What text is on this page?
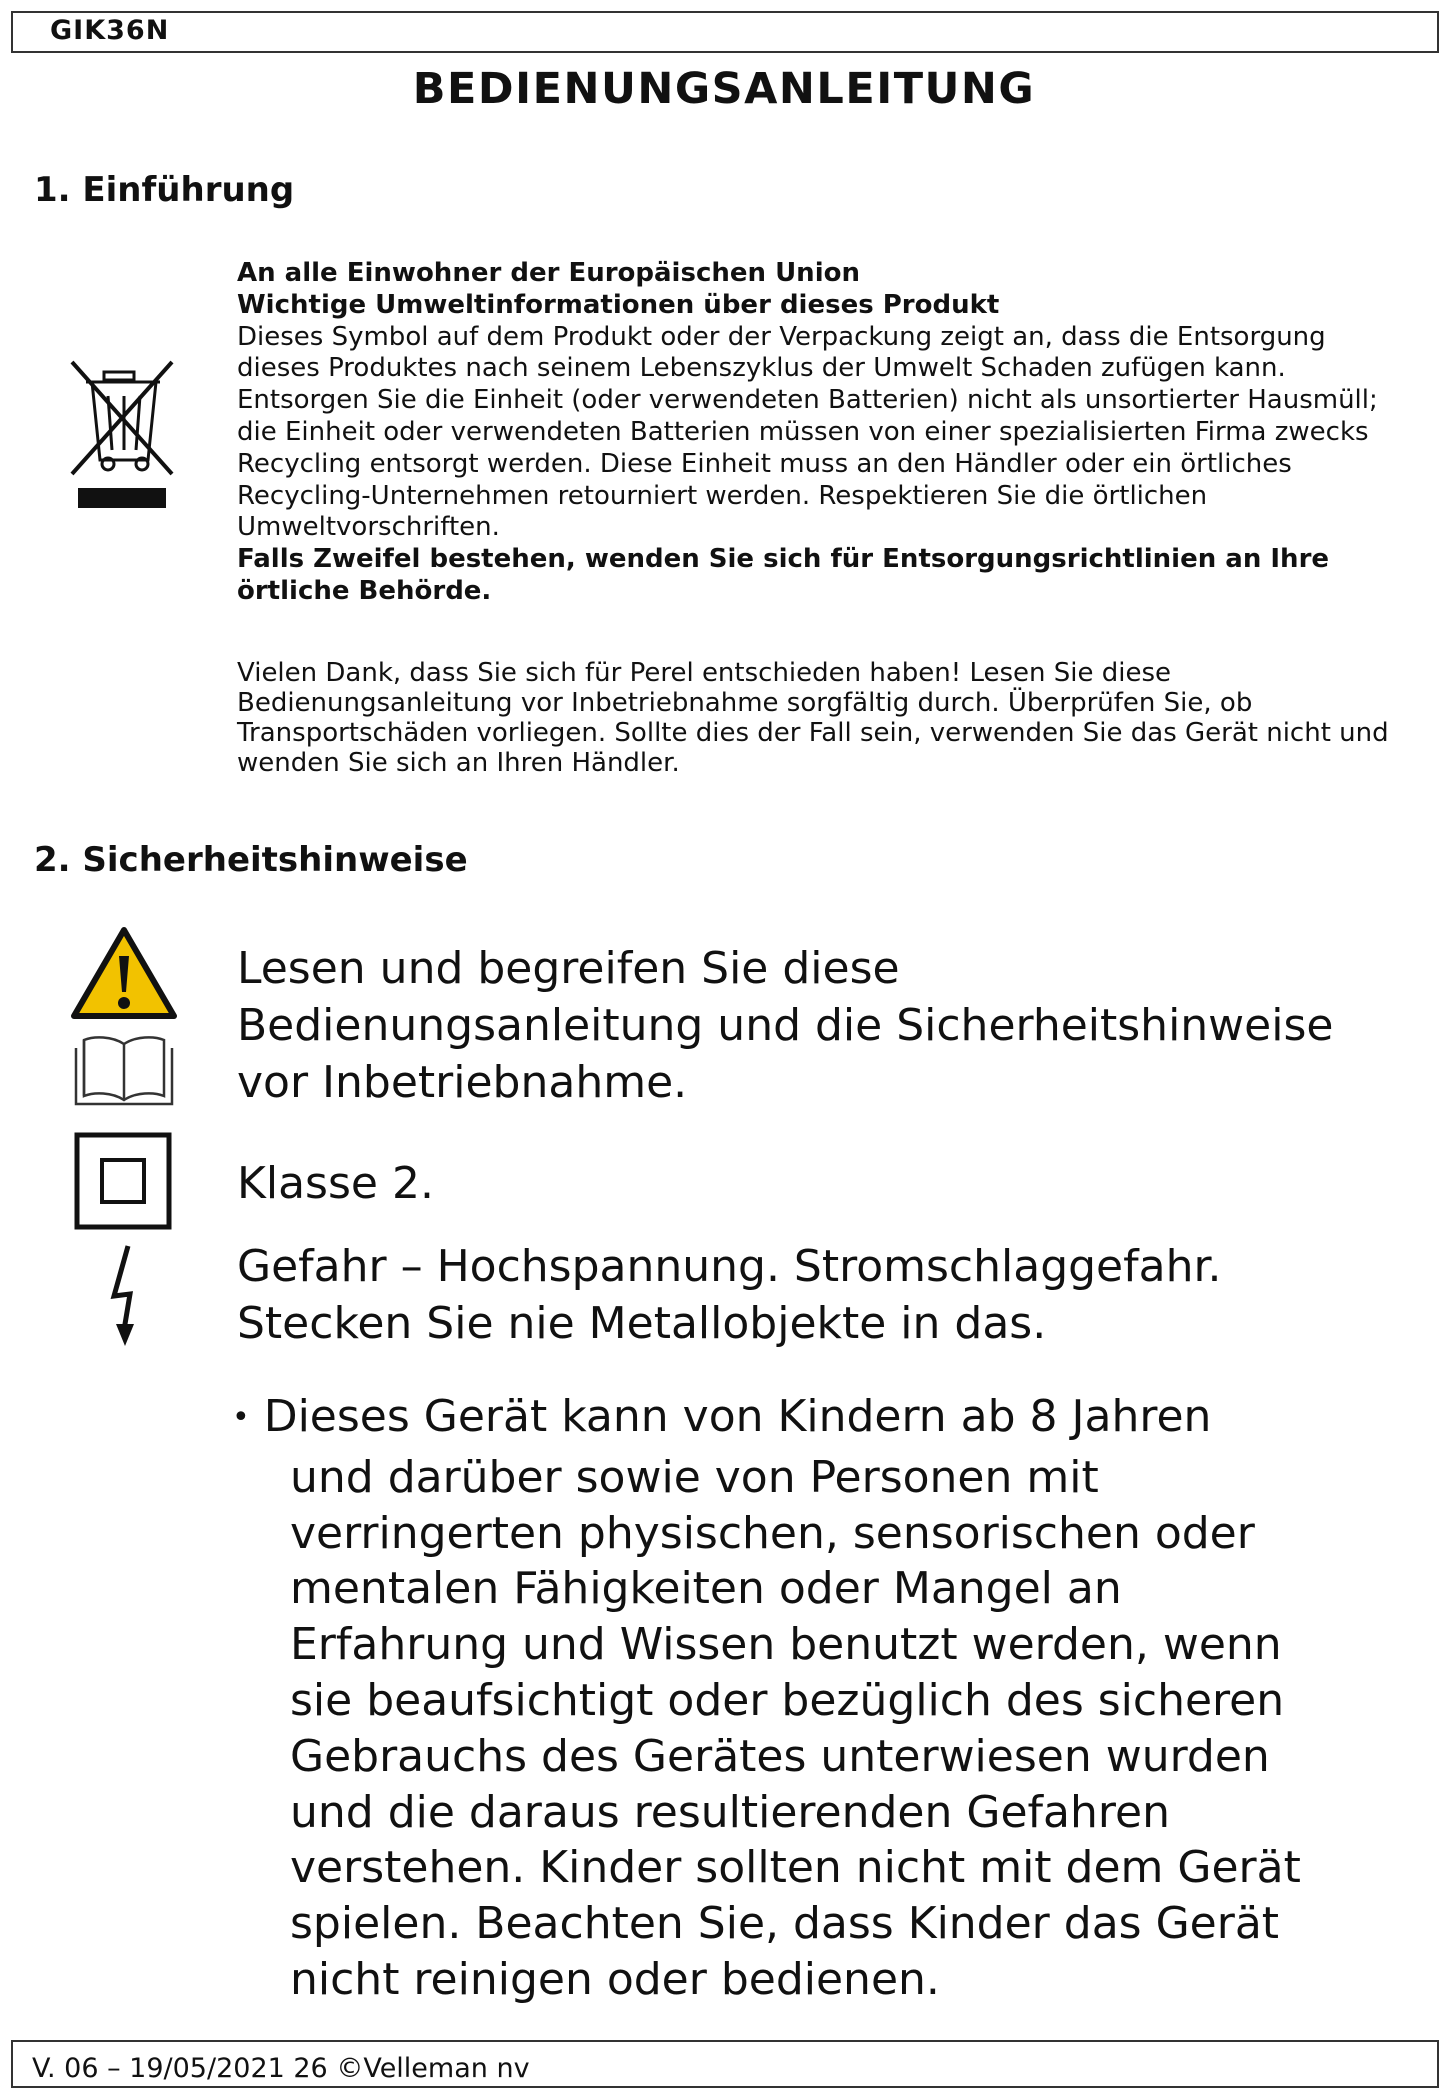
GIK36N
BEDIENUNGSANLEITUNG
1. Einführung
An alle Einwohner der Europäischen Union
Wichtige Umweltinformationen über dieses Produkt
Dieses Symbol auf dem Produkt oder der Verpackung zeigt an, dass die Entsorgung
dieses Produktes nach seinem Lebenszyklus der Umwelt Schaden zufügen kann.
Entsorgen Sie die Einheit (oder verwendeten Batterien) nicht als unsortierter Hausmüll;
die Einheit oder verwendeten Batterien müssen von einer spezialisierten Firma zwecks
Recycling entsorgt werden. Diese Einheit muss an den Händler oder ein örtliches
Recycling-Unternehmen retourniert werden. Respektieren Sie die örtlichen
Umweltvorschriften.
Falls Zweifel bestehen, wenden Sie sich für Entsorgungsrichtlinien an Ihre
örtliche Behörde.
Vielen Dank, dass Sie sich für Perel entschieden haben! Lesen Sie diese
Bedienungsanleitung vor Inbetriebnahme sorgfältig durch. Überprüfen Sie, ob
Transportschäden vorliegen. Sollte dies der Fall sein, verwenden Sie das Gerät nicht und
wenden Sie sich an Ihren Händler.
2. Sicherheitshinweise
Lesen und begreifen Sie diese
Bedienungsanleitung und die Sicherheitshinweise
vor Inbetriebnahme.
Klasse 2.
Gefahr – Hochspannung. Stromschlaggefahr.
Stecken Sie nie Metallobjekte in das.
• Dieses Gerät kann von Kindern ab 8 Jahren
und darüber sowie von Personen mit
verringerten physischen, sensorischen oder
mentalen Fähigkeiten oder Mangel an
Erfahrung und Wissen benutzt werden, wenn
sie beaufsichtigt oder bezüglich des sicheren
Gebrauchs des Gerätes unterwiesen wurden
und die daraus resultierenden Gefahren
verstehen. Kinder sollten nicht mit dem Gerät
spielen. Beachten Sie, dass Kinder das Gerät
nicht reinigen oder bedienen.
V. 06 – 19/05/2021 26 ©Velleman nv
